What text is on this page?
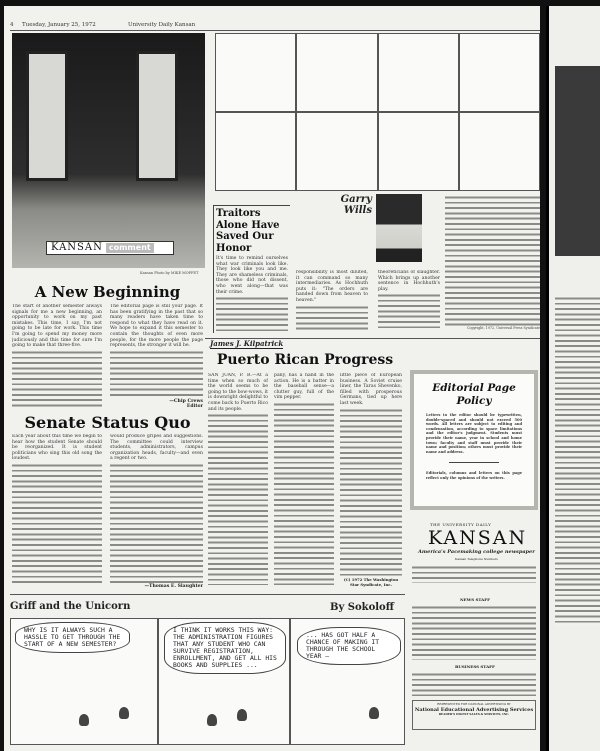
4 Tuesday, January 25, 1972	University Daily Kansan
KANSAN comment
Kansan Photo by MIKE MOFFET
A New Beginning
The start of another semester always signals for me a new beginning, an opportunity to work on my past mistakes. This time, I say, I'm not going to be late for work. This time I'm going to spend my money more judiciously and this time for sure I'm going to make that three-five.
The editorial page is still your page. It has been gratifying in the past that so many readers have taken time to respond to what they have read on it. We hope to expand it this semester to contain the thoughts of even more people, for the more people the page represents, the stronger it will be.
—Chip Crews
Editor
Senate Status Quo
Each year about this time we begin to hear how the student Senate should be reorganized. It is student politicians who sing this old song the loudest.
would produce gripes and suggestions. The committee could interview students, administrators, campus organization heads, faculty—and even a regent or two.
—Thomas E. Slaughter
Traitors Alone Have Saved Our Honor
It's time to remind ourselves what war criminals look like. They look like you and me. They are shameless criminals, those who did not dissent, who went along—that was their crime.
Garry Wills
responsibility is most diluted, it can command so many intermediaries. As Hochhuth puts it: "The orders are handed down from heaven to heaven."
theoreticians of slaughter. Which brings up another sentence in Hochhuth's play.
Copyright, 1972, Universal Press Syndicate
James J. Kilpatrick
Puerto Rican Progress
SAN JUAN, P. R.—At a time when so much of the world seems to be going to the bow-wows, it is downright delightful to come back to Puerto Rico and its people.
pany, has a hand in the action. He is a batter in the baseball sense—a clutter guy, full of the vim pepper.
little piece of European business. A Soviet cruise liner, the Taras Shevenko, filled with prosperous Germans, tied up here last week.
(C) 1972 The Washington Star Syndicate, Inc.
Editorial Page Policy
Letters to the editor should be typewritten, double-spaced and should not exceed 500 words. All letters are subject to editing and condensation, according to space limitations and the editor's judgment. Students must provide their name, year in school and home town; faculty and staff must provide their name and position; others must provide their name and address.
Editorials, columns and letters on this page reflect only the opinions of the writers.
THE UNIVERSITY DAILY
KANSAN
America's Pacemaking college newspaper
Kansan Telephone Numbers
NEWS STAFF
BUSINESS STAFF
REPRESENTED FOR NATIONAL ADVERTISING BY
National Educational Advertising Services
READER'S DIGEST SALES & SERVICES, INC.
Griff and the Unicorn	By Sokoloff
WHY IS IT ALWAYS SUCH A HASSLE TO GET THROUGH THE START OF A NEW SEMESTER?
I THINK IT WORKS THIS WAY: THE ADMINISTRATION FIGURES THAT ANY STUDENT WHO CAN SURVIVE REGISTRATION, ENROLLMENT, AND GET ALL HIS BOOKS AND SUPPLIES ...
... HAS GOT HALF A CHANCE OF MAKING IT THROUGH THE SCHOOL YEAR —
